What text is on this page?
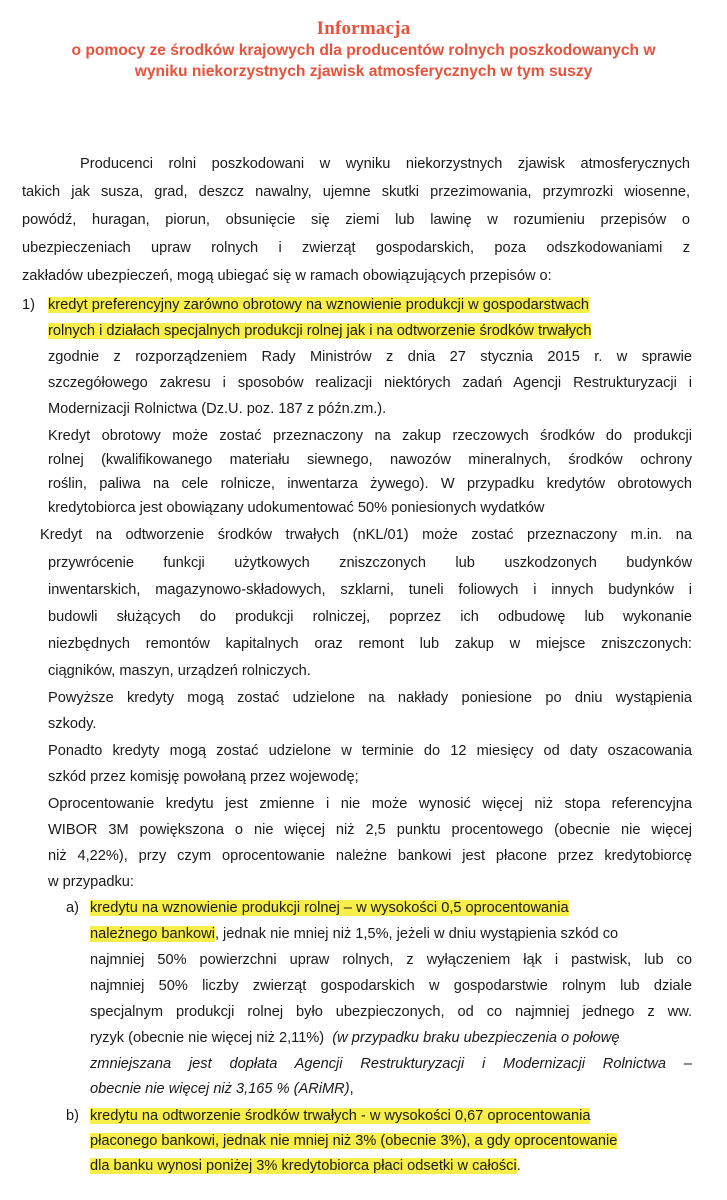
Informacja
o pomocy ze środków krajowych dla producentów rolnych poszkodowanych w
wyniku niekorzystnych zjawisk atmosferycznych w tym suszy
Producenci rolni poszkodowani w wyniku niekorzystnych zjawisk atmosferycznych
takich jak susza, grad, deszcz nawalny, ujemne skutki przezimowania, przymrozki wiosenne,
powódź, huragan, piorun, obsunięcie się ziemi lub lawinę w rozumieniu przepisów o
ubezpieczeniach upraw rolnych i zwierząt gospodarskich, poza odszkodowaniami z
zakładów ubezpieczeń, mogą ubiegać się w ramach obowiązujących przepisów o:
1) kredyt preferencyjny zarówno obrotowy na wznowienie produkcji w gospodarstwach
rolnych i działach specjalnych produkcji rolnej jak i na odtworzenie środków trwałych
zgodnie z rozporządzeniem Rady Ministrów z dnia 27 stycznia 2015 r. w sprawie
szczegółowego zakresu i sposobów realizacji niektórych zadań Agencji Restrukturyzacji i
Modernizacji Rolnictwa (Dz.U. poz. 187 z późn.zm.).
Kredyt obrotowy może zostać przeznaczony na zakup rzeczowych środków do produkcji
rolnej (kwalifikowanego materiału siewnego, nawozów mineralnych, środków ochrony
roślin, paliwa na cele rolnicze, inwentarza żywego). W przypadku kredytów obrotowych
kredytobiorca jest obowiązany udokumentować 50% poniesionych wydatków
Kredyt na odtworzenie środków trwałych (nKL/01) może zostać przeznaczony m.in. na
przywrócenie funkcji użytkowych zniszczonych lub uszkodzonych budynków
inwentarskich, magazynowo-składowych, szklarni, tuneli foliowych i innych budynków i
budowli służących do produkcji rolniczej, poprzez ich odbudowę lub wykonanie
niezbędnych remontów kapitalnych oraz remont lub zakup w miejsce zniszczonych:
ciągników, maszyn, urządzeń rolniczych.
Powyższe kredyty mogą zostać udzielone na nakłady poniesione po dniu wystąpienia
szkody.
Ponadto kredyty mogą zostać udzielone w terminie do 12 miesięcy od daty oszacowania
szkód przez komisję powołaną przez wojewodę;
Oprocentowanie kredytu jest zmienne i nie może wynosić więcej niż stopa referencyjna
WIBOR 3M powiększona o nie więcej niż 2,5 punktu procentowego (obecnie nie więcej
niż 4,22%), przy czym oprocentowanie należne bankowi jest płacone przez kredytobiorcę
w przypadku:
a) kredytu na wznowienie produkcji rolnej – w wysokości 0,5 oprocentowania
należnego bankowi, jednak nie mniej niż 1,5%, jeżeli w dniu wystąpienia szkód co
najmniej 50% powierzchni upraw rolnych, z wyłączeniem łąk i pastwisk, lub co
najmniej 50% liczby zwierząt gospodarskich w gospodarstwie rolnym lub dziale
specjalnym produkcji rolnej było ubezpieczonych, od co najmniej jednego z ww.
ryzyk (obecnie nie więcej niż 2,11%) (w przypadku braku ubezpieczenia o połowę
zmniejszana jest dopłata Agencji Restrukturyzacji i Modernizacji Rolnictwa –
obecnie nie więcej niż 3,165 % (ARiMR),
b) kredytu na odtworzenie środków trwałych - w wysokości 0,67 oprocentowania
płaconego bankowi, jednak nie mniej niż 3% (obecnie 3%), a gdy oprocentowanie
dla banku wynosi poniżej 3% kredytobiorca płaci odsetki w całości.
